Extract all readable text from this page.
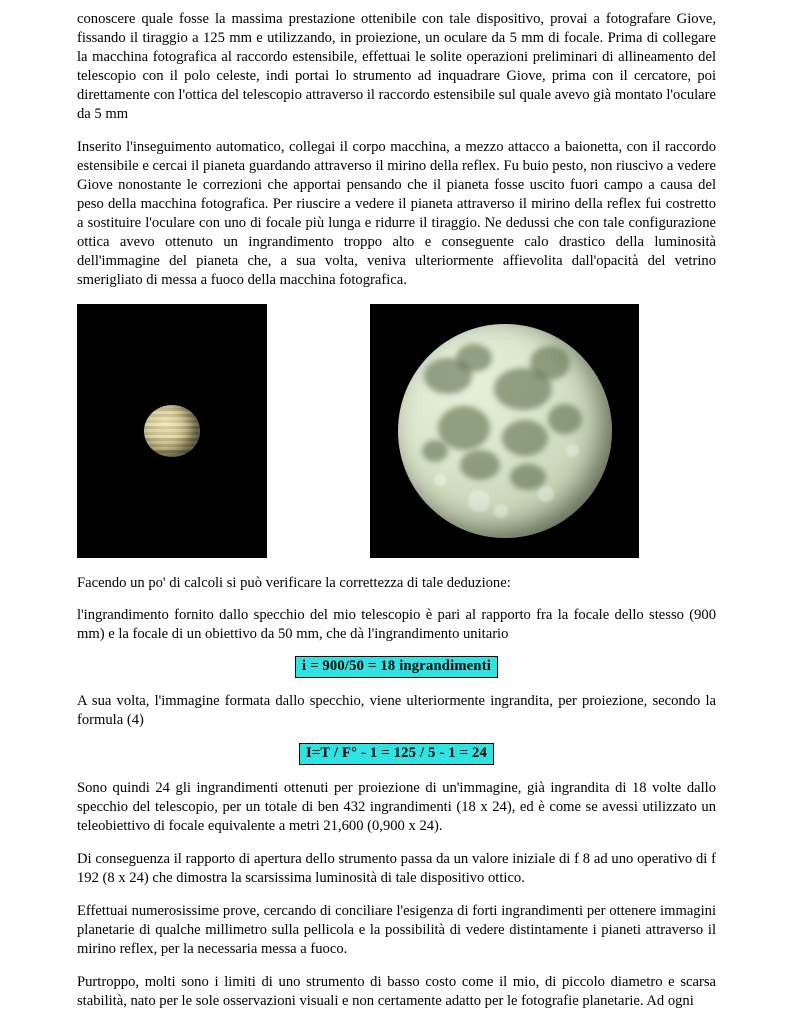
conoscere quale fosse la massima prestazione ottenibile con tale dispositivo, provai a fotografare Giove, fissando il tiraggio a 125 mm e utilizzando, in proiezione, un oculare da 5 mm di focale. Prima di collegare la macchina fotografica al raccordo estensibile, effettuai le solite operazioni preliminari di allineamento del telescopio con il polo celeste, indi portai lo strumento ad inquadrare Giove, prima con il cercatore, poi direttamente con l'ottica del telescopio attraverso il raccordo estensibile sul quale avevo già montato l'oculare da 5 mm

Inserito l'inseguimento automatico, collegai il corpo macchina, a mezzo attacco a baionetta, con il raccordo estensibile e cercai il pianeta guardando attraverso il mirino della reflex. Fu buio pesto, non riuscivo a vedere Giove nonostante le correzioni che apportai pensando che il pianeta fosse uscito fuori campo a causa del peso della macchina fotografica. Per riuscire a vedere il pianeta attraverso il mirino della reflex fui costretto a sostituire l'oculare con uno di focale più lunga e ridurre il tiraggio. Ne dedussi che con tale configurazione ottica avevo ottenuto un ingrandimento troppo alto e conseguente calo drastico della luminosità dell'immagine del pianeta che, a sua volta, veniva ulteriormente affievolita dall'opacità del vetrino smerigliato di messa a fuoco della macchina fotografica.

Facendo un po' di calcoli si può verificare la correttezza di tale deduzione:

l'ingrandimento fornito dallo specchio del mio telescopio è pari al rapporto fra la focale dello stesso (900 mm) e la focale di un obiettivo da 50 mm, che dà l'ingrandimento unitario

i = 900/50 = 18 ingrandimenti

A sua volta, l'immagine formata dallo specchio, viene ulteriormente ingrandita, per proiezione, secondo la formula (4)

I=T / F° - 1 = 125 / 5 - 1 = 24

Sono quindi 24 gli ingrandimenti ottenuti per proiezione di un'immagine, già ingrandita di 18 volte dallo specchio del telescopio, per un totale di ben 432 ingrandimenti (18 x 24), ed è come se avessi utilizzato un teleobiettivo di focale equivalente a metri 21,600 (0,900 x 24).

Di conseguenza il rapporto di apertura dello strumento passa da un valore iniziale di f 8 ad uno operativo di f 192 (8 x 24) che dimostra la scarsissima luminosità di tale dispositivo ottico.

Effettuai numerosissime prove, cercando di conciliare l'esigenza di forti ingrandimenti per ottenere immagini planetarie di qualche millimetro sulla pellicola e la possibilità di vedere distintamente i pianeti attraverso il mirino reflex, per la necessaria messa a fuoco.

Purtroppo, molti sono i limiti di uno strumento di basso costo come il mio, di piccolo diametro e scarsa stabilità, nato per le sole osservazioni visuali e non certamente adatto per le fotografie planetarie. Ad ogni
